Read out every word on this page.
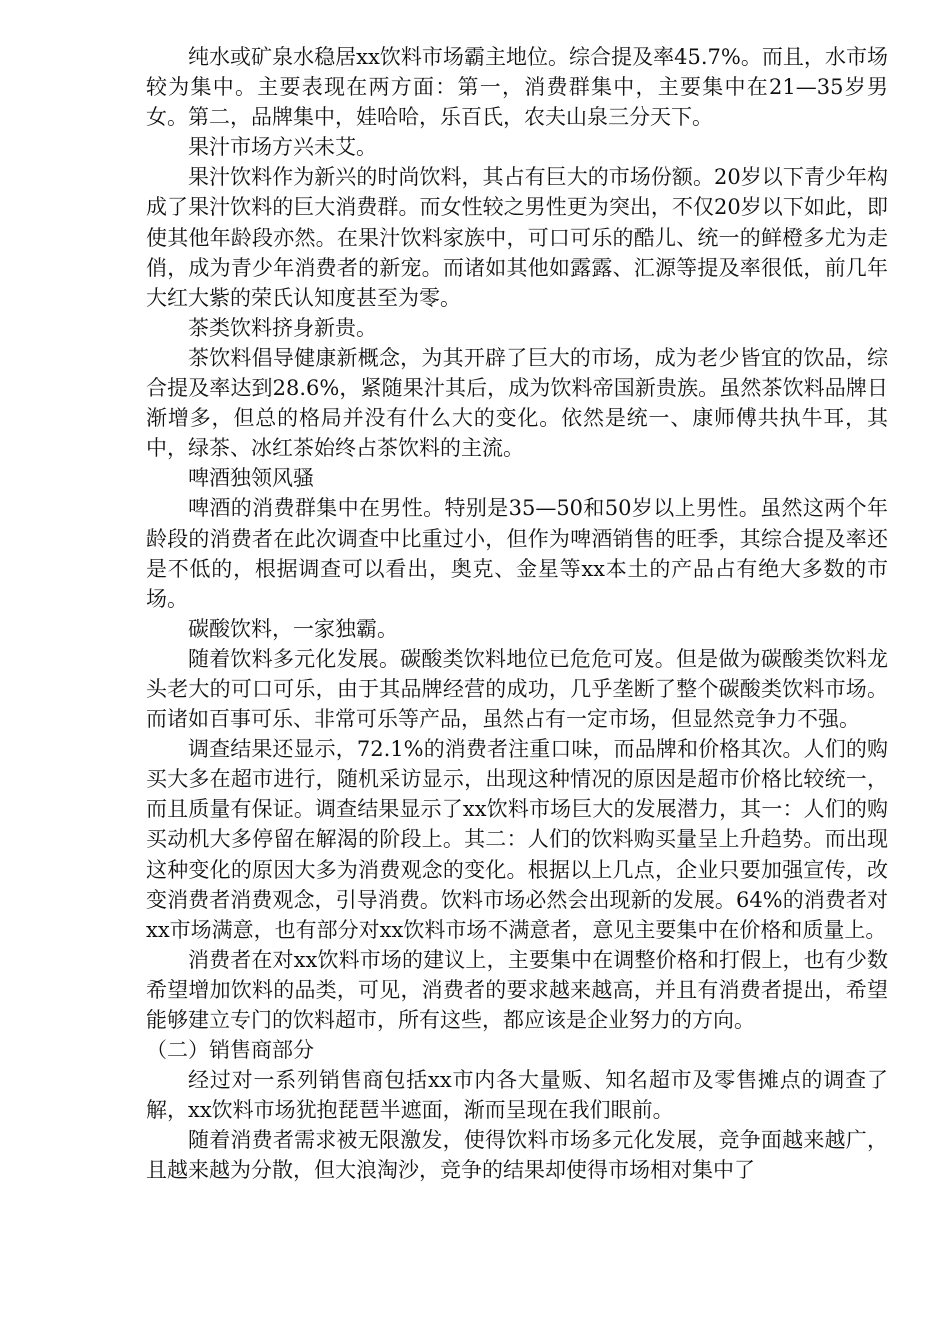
纯水或矿泉水稳居xx饮料市场霸主地位。综合提及率45.7%。而且，水市场较为集中。主要表现在两方面：第一，消费群集中，主要集中在21—35岁男女。第二，品牌集中，娃哈哈，乐百氏，农夫山泉三分天下。

果汁市场方兴未艾。

果汁饮料作为新兴的时尚饮料，其占有巨大的市场份额。20岁以下青少年构成了果汁饮料的巨大消费群。而女性较之男性更为突出，不仅20岁以下如此，即使其他年龄段亦然。在果汁饮料家族中，可口可乐的酷儿、统一的鲜橙多尤为走俏，成为青少年消费者的新宠。而诸如其他如露露、汇源等提及率很低，前几年大红大紫的荣氏认知度甚至为零。

茶类饮料挤身新贵。

茶饮料倡导健康新概念，为其开辟了巨大的市场，成为老少皆宜的饮品，综合提及率达到28.6%，紧随果汁其后，成为饮料帝国新贵族。虽然茶饮料品牌日渐增多，但总的格局并没有什么大的变化。依然是统一、康师傅共执牛耳，其中，绿茶、冰红茶始终占茶饮料的主流。

啤酒独领风骚

啤酒的消费群集中在男性。特别是35—50和50岁以上男性。虽然这两个年龄段的消费者在此次调查中比重过小，但作为啤酒销售的旺季，其综合提及率还是不低的，根据调查可以看出，奥克、金星等xx本土的产品占有绝大多数的市场。

碳酸饮料，一家独霸。

随着饮料多元化发展。碳酸类饮料地位已危危可岌。但是做为碳酸类饮料龙头老大的可口可乐，由于其品牌经营的成功，几乎垄断了整个碳酸类饮料市场。而诸如百事可乐、非常可乐等产品，虽然占有一定市场，但显然竞争力不强。

调查结果还显示，72.1%的消费者注重口味，而品牌和价格其次。人们的购买大多在超市进行，随机采访显示，出现这种情况的原因是超市价格比较统一，而且质量有保证。调查结果显示了xx饮料市场巨大的发展潜力，其一：人们的购买动机大多停留在解渴的阶段上。其二：人们的饮料购买量呈上升趋势。而出现这种变化的原因大多为消费观念的变化。根据以上几点，企业只要加强宣传，改变消费者消费观念，引导消费。饮料市场必然会出现新的发展。64%的消费者对xx市场满意，也有部分对xx饮料市场不满意者，意见主要集中在价格和质量上。

消费者在对xx饮料市场的建议上，主要集中在调整价格和打假上，也有少数希望增加饮料的品类，可见，消费者的要求越来越高，并且有消费者提出，希望能够建立专门的饮料超市，所有这些，都应该是企业努力的方向。

（二）销售商部分

经过对一系列销售商包括xx市内各大量贩、知名超市及零售摊点的调查了解，xx饮料市场犹抱琵琶半遮面，渐而呈现在我们眼前。

随着消费者需求被无限激发，使得饮料市场多元化发展，竞争面越来越广，且越来越为分散，但大浪淘沙，竞争的结果却使得市场相对集中了
